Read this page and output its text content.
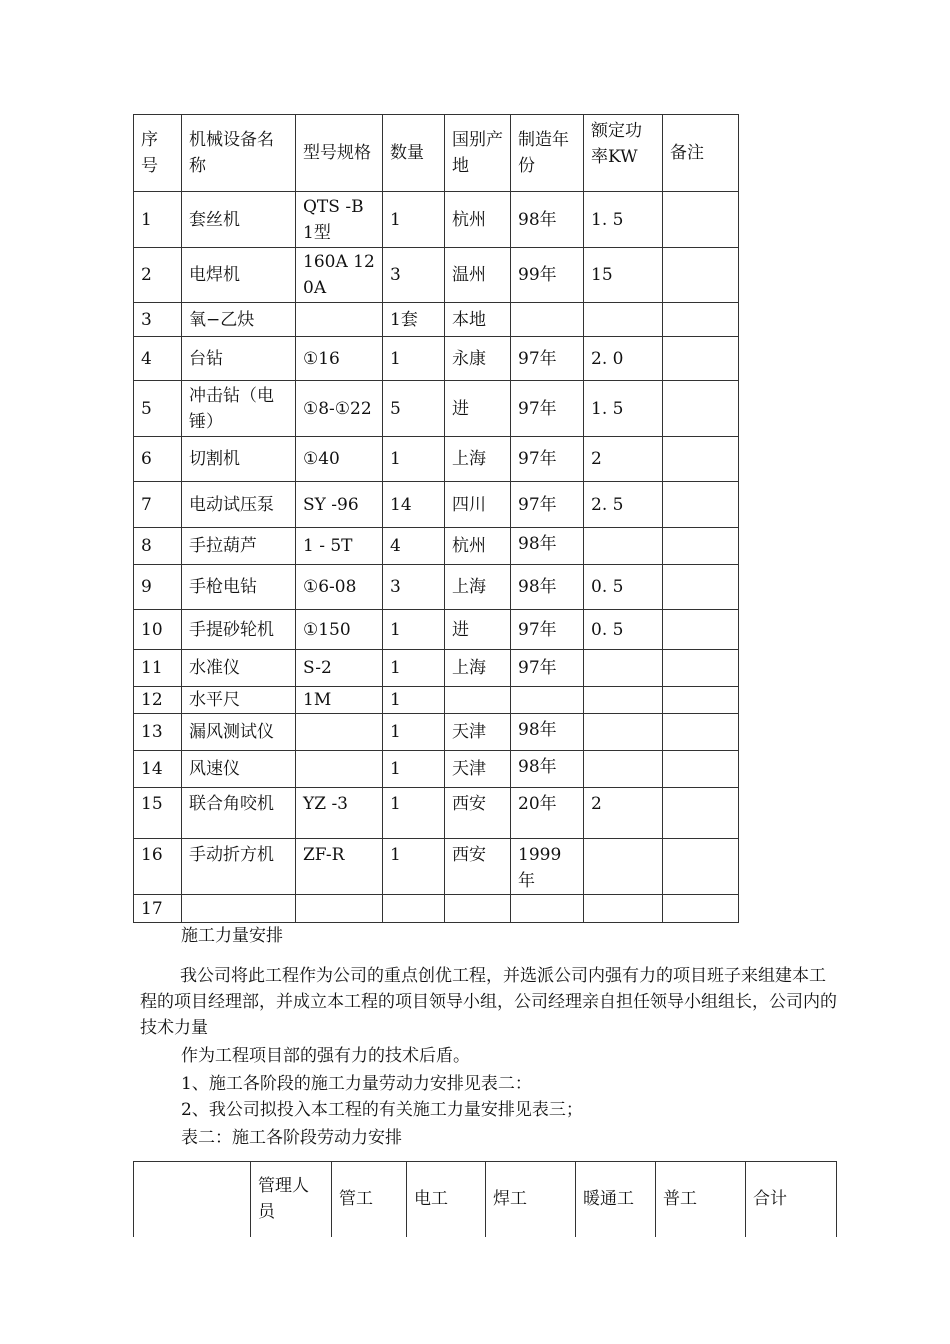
序号	机械设备名称	型号规格	数量	国别产地	制造年份	额定功率KW	备注
1	套丝机	QTS -B 1型	1	杭州	98年	1. 5	
2	电焊机	160A 120A	3	温州	99年	15	
3	氧−乙炔		1套	本地			
4	台钻	①16	1	永康	97年	2. 0	
5	冲击钻（电锤）	①8-①22	5	进	97年	1. 5	
6	切割机	①40	1	上海	97年	2	
7	电动试压泵	SY -96	14	四川	97年	2. 5	
8	手拉葫芦	1 - 5T	4	杭州	98年		
9	手枪电钻	①6-08	3	上海	98年	0. 5	
10	手提砂轮机	①150	1	进	97年	0. 5	
11	水准仪	S-2	1	上海	97年		
12	水平尺	1M	1				
13	漏风测试仪		1	天津	98年		
14	风速仪		1	天津	98年		
15	联合角咬机	YZ -3	1	西安	20年	2	
16	手动折方机	ZF-R	1	西安	1999年		
17							
施工力量安排

我公司将此工程作为公司的重点创优工程，并选派公司内强有力的项目班子来组建本工程的项目经理部，并成立本工程的项目领导小组，公司经理亲自担任领导小组组长，公司内的技术力量

作为工程项目部的强有力的技术后盾。
1、施工各阶段的施工力量劳动力安排见表二：
2、我公司拟投入本工程的有关施工力量安排见表三；
表二：施工各阶段劳动力安排
	管理人员	管工	电工	焊工	暖通工	普工	合计
